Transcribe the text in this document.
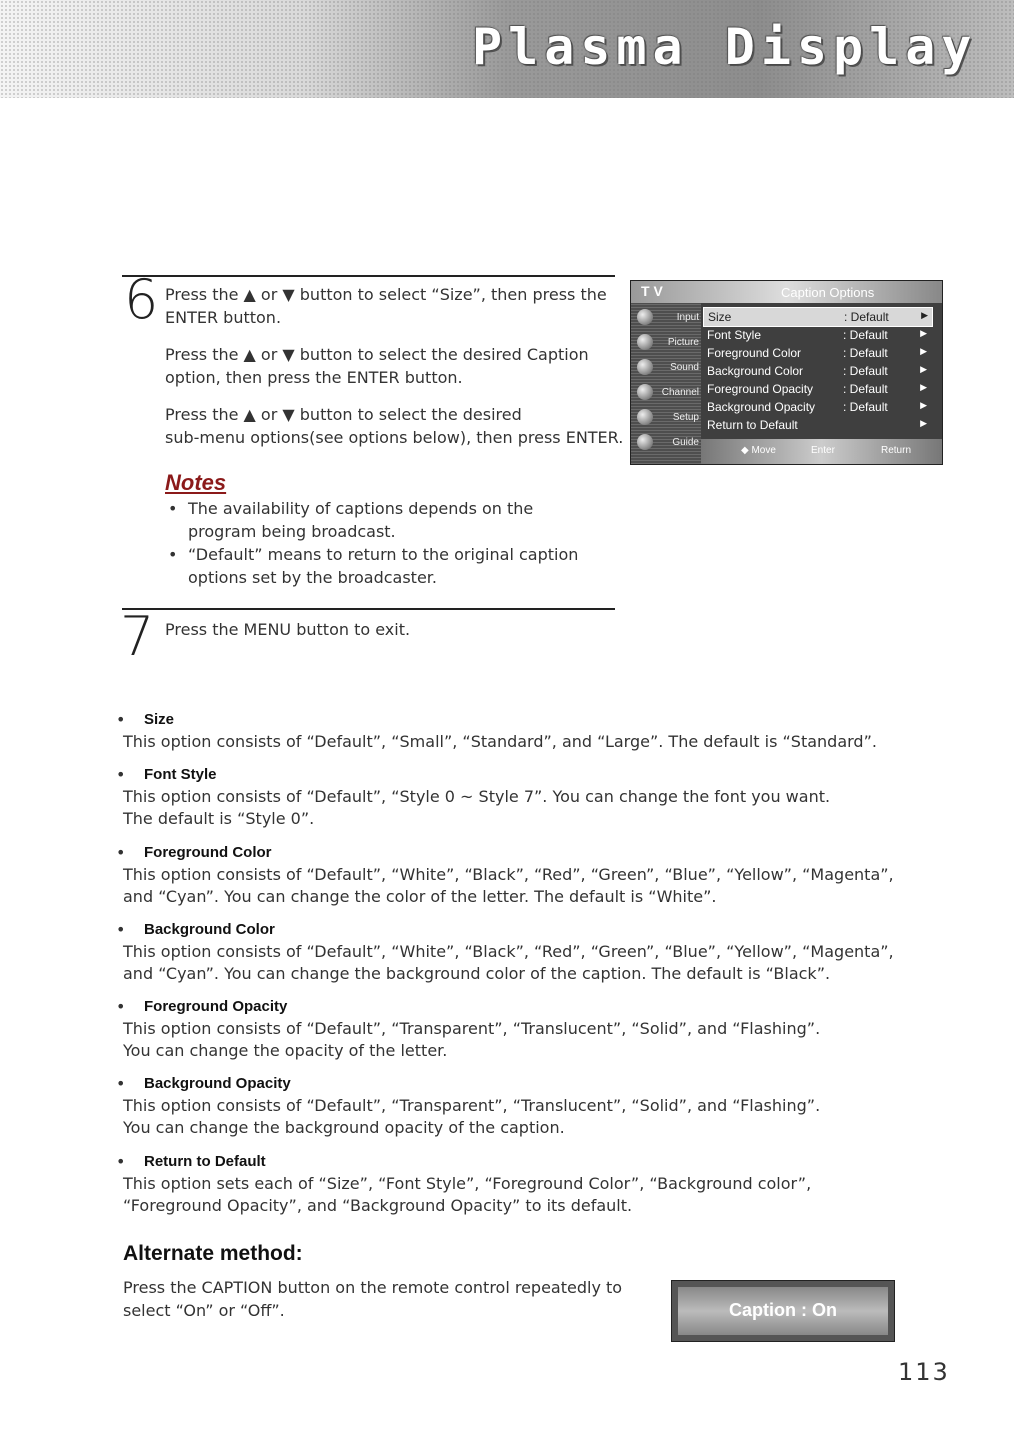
Plasma Display
6 Press the ▲ or ▼ button to select “Size”, then press the
ENTER button.
Press the ▲ or ▼ button to select the desired Caption
option, then press the ENTER button.
Press the ▲ or ▼ button to select the desired
sub-menu options(see options below), then press ENTER.
Notes
• The availability of captions depends on the
program being broadcast.
• “Default” means to return to the original caption
options set by the broadcaster.
7 Press the MENU button to exit.
T V	Caption Options
Input
Picture
Sound
Channel
Setup
Guide
Size	: Default	▶
Font Style	: Default	▶
Foreground Color	: Default	▶
Background Color	: Default	▶
Foreground Opacity : Default	▶
Background Opacity : Default	▶
Return to Default	▶
◆ Move	Enter	Return
• Size
This option consists of “Default”, “Small”, “Standard”, and “Large”. The default is “Standard”.
• Font Style
This option consists of “Default”, “Style 0 ~ Style 7”. You can change the font you want.
The default is “Style 0”.
• Foreground Color
This option consists of “Default”, “White”, “Black”, “Red”, “Green”, “Blue”, “Yellow”, “Magenta”,
and “Cyan”. You can change the color of the letter. The default is “White”.
• Background Color
This option consists of “Default”, “White”, “Black”, “Red”, “Green”, “Blue”, “Yellow”, “Magenta”,
and “Cyan”. You can change the background color of the caption. The default is “Black”.
• Foreground Opacity
This option consists of “Default”, “Transparent”, “Translucent”, “Solid”, and “Flashing”.
You can change the opacity of the letter.
• Background Opacity
This option consists of “Default”, “Transparent”, “Translucent”, “Solid”, and “Flashing”.
You can change the background opacity of the caption.
• Return to Default
This option sets each of “Size”, “Font Style”, “Foreground Color”, “Background color”,
“Foreground Opacity”, and “Background Opacity” to its default.
Alternate method:
Press the CAPTION button on the remote control repeatedly to
select “On” or “Off”.	Caption : On
113
